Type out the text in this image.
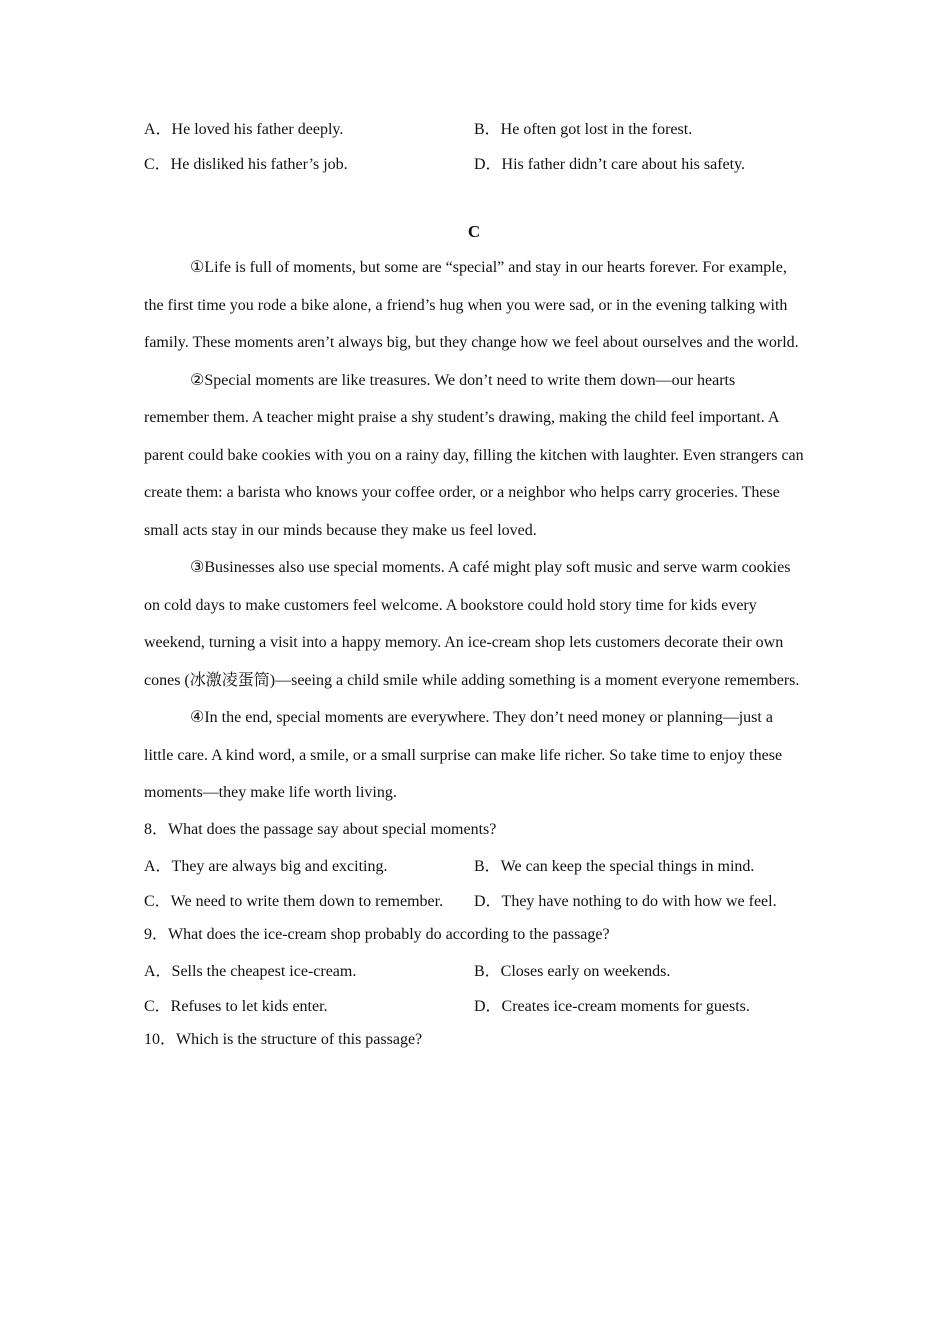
A．He loved his father deeply.	B．He often got lost in the forest.
C．He disliked his father’s job.	D．His father didn’t care about his safety.
C

①Life is full of moments, but some are “special” and stay in our hearts forever. For example, the first time you rode a bike alone, a friend’s hug when you were sad, or in the evening talking with family. These moments aren’t always big, but they change how we feel about ourselves and the world.

②Special moments are like treasures. We don’t need to write them down—our hearts remember them. A teacher might praise a shy student’s drawing, making the child feel important. A parent could bake cookies with you on a rainy day, filling the kitchen with laughter. Even strangers can create them: a barista who knows your coffee order, or a neighbor who helps carry groceries. These small acts stay in our minds because they make us feel loved.

③Businesses also use special moments. A café might play soft music and serve warm cookies on cold days to make customers feel welcome. A bookstore could hold story time for kids every weekend, turning a visit into a happy memory. An ice-cream shop lets customers decorate their own cones (冰激凌蛋筒)—seeing a child smile while adding something is a moment everyone remembers.

④In the end, special moments are everywhere. They don’t need money or planning—just a little care. A kind word, a smile, or a small surprise can make life richer. So take time to enjoy these moments—they make life worth living.

8．What does the passage say about special moments?
A．They are always big and exciting.	B．We can keep the special things in mind.
C．We need to write them down to remember.	D．They have nothing to do with how we feel.
9．What does the ice-cream shop probably do according to the passage?
A．Sells the cheapest ice-cream.	B．Closes early on weekends.
C．Refuses to let kids enter.	D．Creates ice-cream moments for guests.
10．Which is the structure of this passage?
